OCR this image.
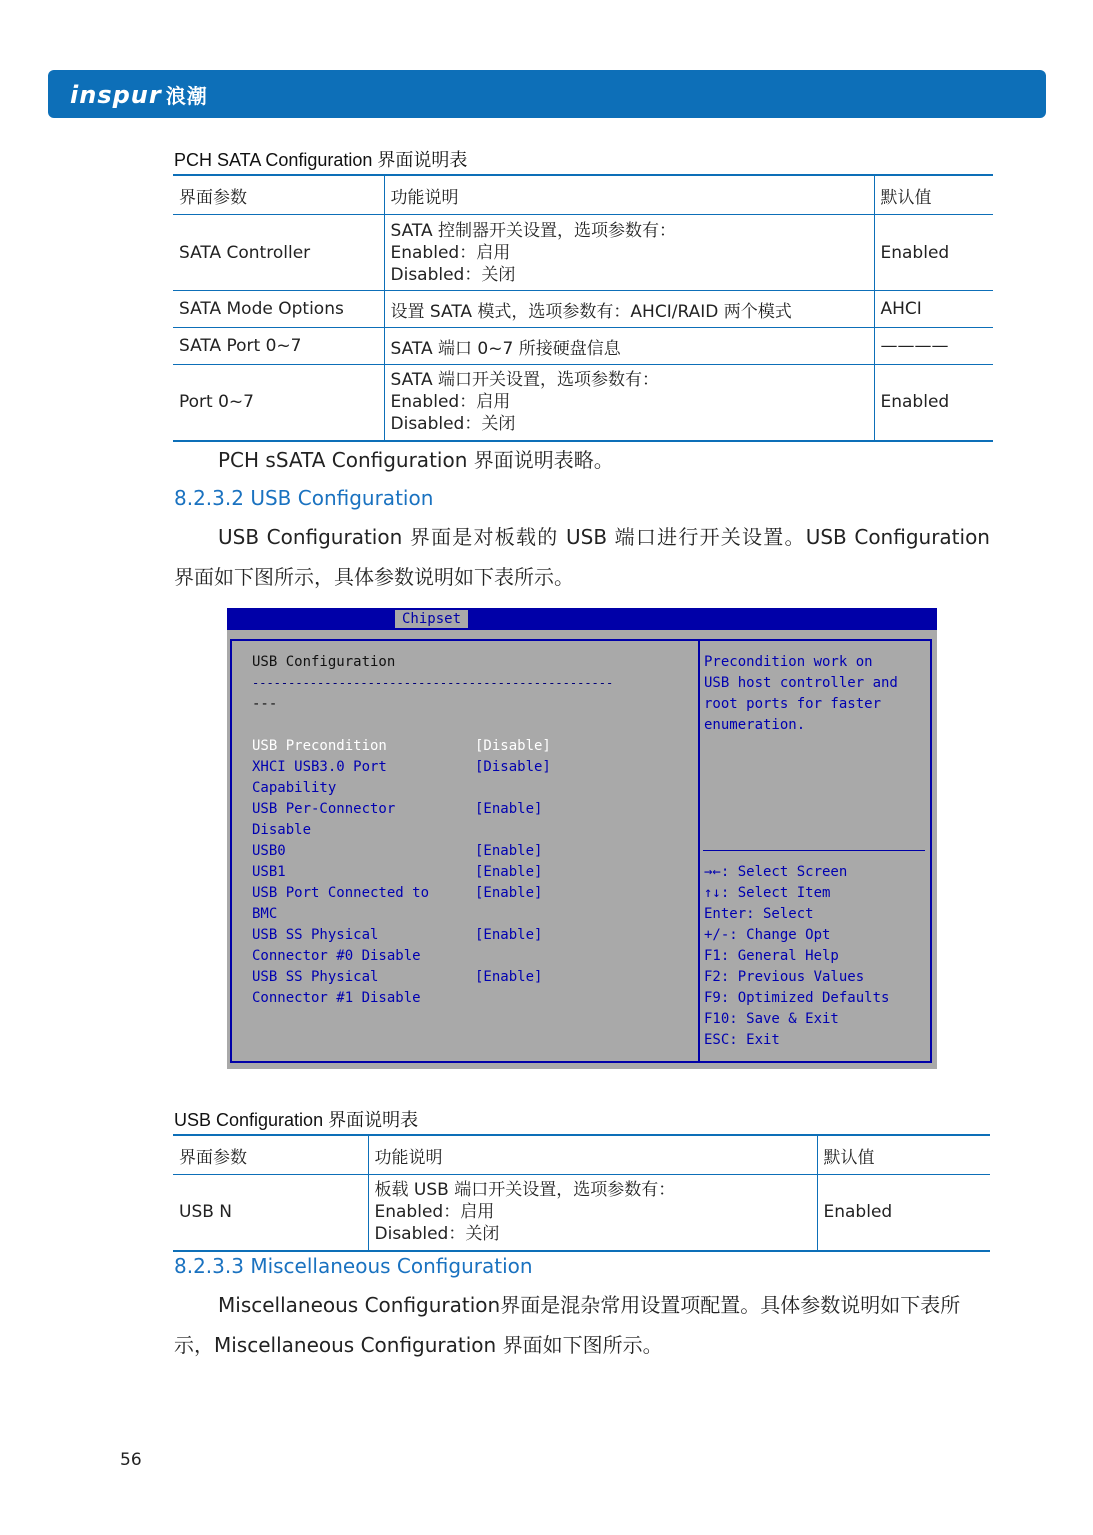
inspur 浪潮
PCH SATA Configuration 界面说明表
界面参数	功能说明	默认值
SATA Controller	SATA 控制器开关设置，选项参数有：
Enabled：启用
Disabled：关闭	Enabled
SATA Mode Options	设置 SATA 模式，选项参数有：AHCI/RAID 两个模式	AHCI
SATA Port 0~7	SATA 端口 0~7 所接硬盘信息	————
Port 0~7	SATA 端口开关设置，选项参数有：
Enabled：启用
Disabled：关闭	Enabled
PCH sSATA Configuration 界面说明表略。
8.2.3.2 USB Configuration
USB Configuration 界面是对板载的 USB 端口进行开关设置。USB Configuration 界面如下图所示，具体参数说明如下表所示。
Chipset
USB Configuration
--------------------------------------------------
---
USB Precondition	[Disable]
XHCI USB3.0 Port	[Disable]
Capability
USB Per-Connector	[Enable]
Disable
USB0	[Enable]
USB1	[Enable]
USB Port Connected to	[Enable]
BMC
USB SS Physical	[Enable]
Connector #0 Disable
USB SS Physical	[Enable]
Connector #1 Disable
Precondition work on
USB host controller and
root ports for faster
enumeration.
→←: Select Screen
↑↓: Select Item
Enter: Select
+/-: Change Opt
F1: General Help
F2: Previous Values
F9: Optimized Defaults
F10: Save & Exit
ESC: Exit
USB Configuration 界面说明表
界面参数	功能说明	默认值
USB N	板载 USB 端口开关设置，选项参数有：
Enabled：启用
Disabled：关闭	Enabled
8.2.3.3 Miscellaneous Configuration
Miscellaneous Configuration界面是混杂常用设置项配置。具体参数说明如下表所示，Miscellaneous Configuration 界面如下图所示。
56
